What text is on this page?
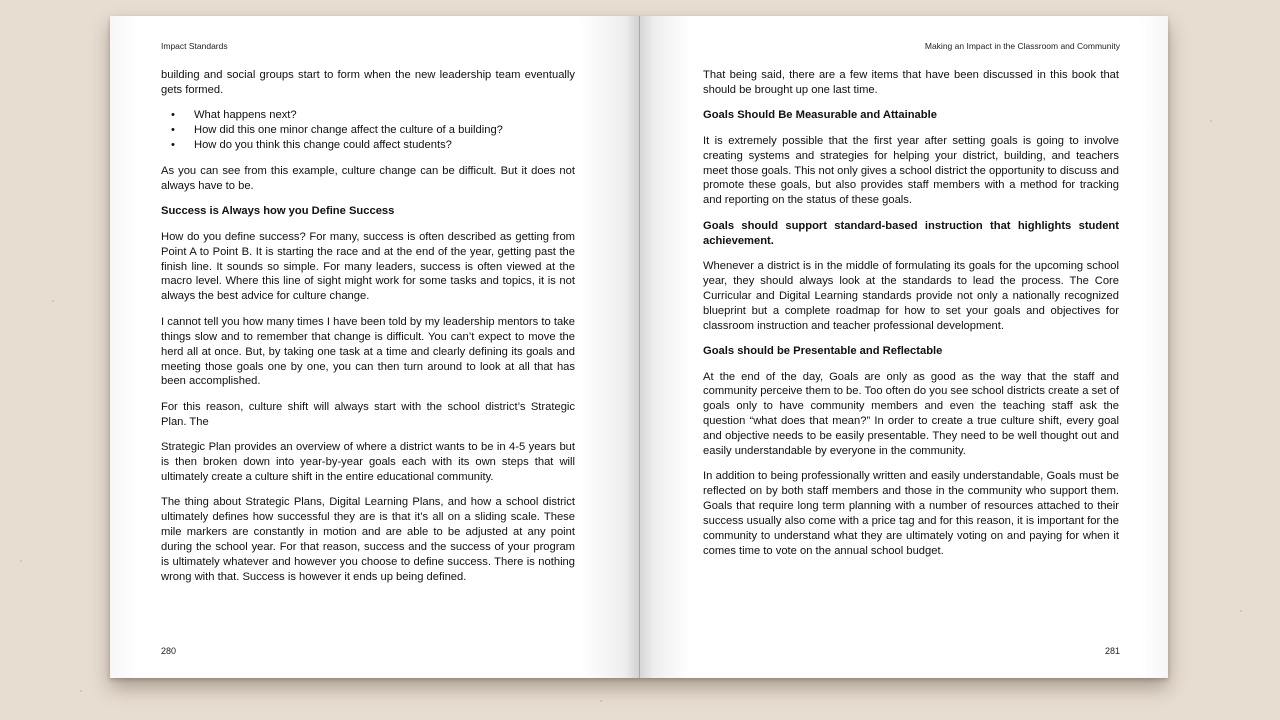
Impact Standards

building and social groups start to form when the new leadership team eventually gets formed.

• What happens next?
• How did this one minor change affect the culture of a building?
• How do you think this change could affect students?

As you can see from this example, culture change can be difficult. But it does not always have to be.

Success is Always how you Define Success

How do you define success? For many, success is often described as getting from Point A to Point B. It is starting the race and at the end of the year, getting past the finish line. It sounds so simple. For many leaders, success is often viewed at the macro level. Where this line of sight might work for some tasks and topics, it is not always the best advice for culture change.

I cannot tell you how many times I have been told by my leadership mentors to take things slow and to remember that change is difficult. You can’t expect to move the herd all at once. But, by taking one task at a time and clearly defining its goals and meeting those goals one by one, you can then turn around to look at all that has been accomplished.

For this reason, culture shift will always start with the school district’s Strategic Plan. The

Strategic Plan provides an overview of where a district wants to be in 4-5 years but is then broken down into year-by-year goals each with its own steps that will ultimately create a culture shift in the entire educational community.

The thing about Strategic Plans, Digital Learning Plans, and how a school district ultimately defines how successful they are is that it’s all on a sliding scale. These mile markers are constantly in motion and are able to be adjusted at any point during the school year. For that reason, success and the success of your program is ultimately whatever and however you choose to define success. There is nothing wrong with that. Success is however it ends up being defined.

280

Making an Impact in the Classroom and Community

That being said, there are a few items that have been discussed in this book that should be brought up one last time.

Goals Should Be Measurable and Attainable

It is extremely possible that the first year after setting goals is going to involve creating systems and strategies for helping your district, building, and teachers meet those goals. This not only gives a school district the opportunity to discuss and promote these goals, but also provides staff members with a method for tracking and reporting on the status of these goals.

Goals should support standard-based instruction that highlights student achievement.

Whenever a district is in the middle of formulating its goals for the upcoming school year, they should always look at the standards to lead the process. The Core Curricular and Digital Learning standards provide not only a nationally recognized blueprint but a complete roadmap for how to set your goals and objectives for classroom instruction and teacher professional development.

Goals should be Presentable and Reflectable

At the end of the day, Goals are only as good as the way that the staff and community perceive them to be. Too often do you see school districts create a set of goals only to have community members and even the teaching staff ask the question “what does that mean?” In order to create a true culture shift, every goal and objective needs to be easily presentable. They need to be well thought out and easily understandable by everyone in the community.

In addition to being professionally written and easily understandable, Goals must be reflected on by both staff members and those in the community who support them. Goals that require long term planning with a number of resources attached to their success usually also come with a price tag and for this reason, it is important for the community to understand what they are ultimately voting on and paying for when it comes time to vote on the annual school budget.

281
